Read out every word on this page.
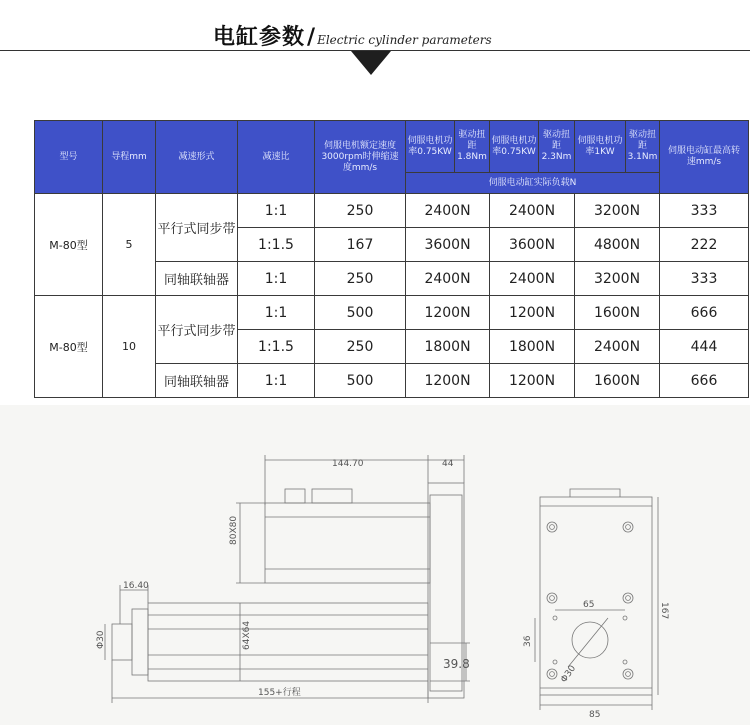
电缸参数 / Electric cylinder parameters
型号	导程mm	减速形式	减速比	伺服电机额定速度3000rpm时伸缩速度mm/s	伺服电机功率0.75KW	驱动扭距1.8Nm	伺服电机功率0.75KW	驱动扭距2.3Nm	伺服电机功率1KW	驱动扭距3.1Nm	伺服电动缸最高转速mm/s
					伺服电动缸实际负载N						
M-80型	5	平行式同步带	1:1	250	2400N		2400N		3200N		333
			1:1.5	167	3600N		3600N		4800N		222
		同轴联轴器	1:1	250	2400N		2400N		3200N		333
M-80型	10	平行式同步带	1:1	500	1200N		1200N		1600N		666
			1:1.5	250	1800N		1800N		2400N		444
		同轴联轴器	1:1	500	1200N		1200N		1600N		666
144.70	44
80X80
16.40
Φ30	64X64
39.8
155+行程
65
36
167
85
Φ30
